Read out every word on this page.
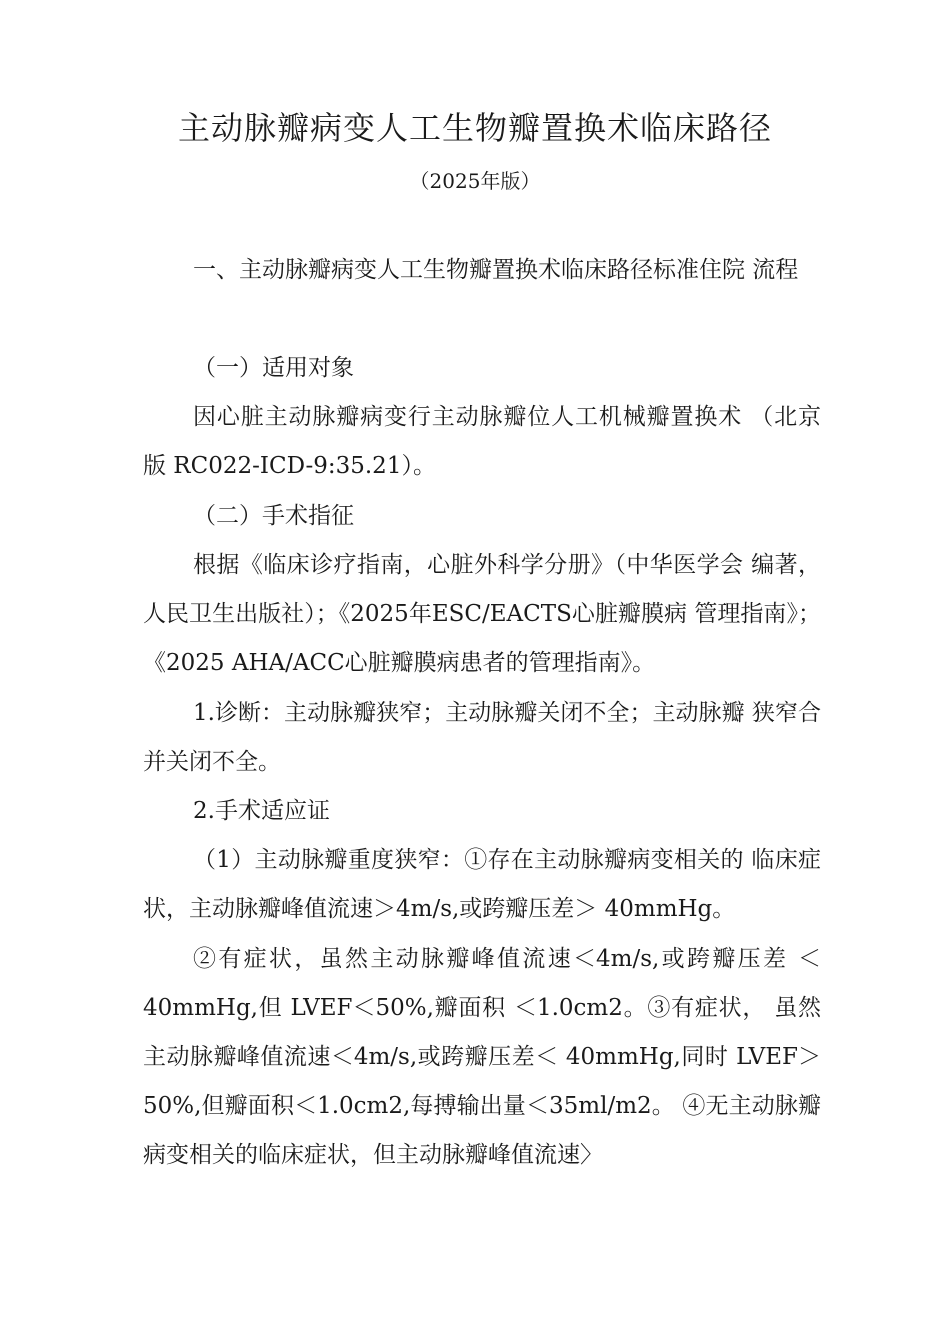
主动脉瓣病变人工生物瓣置换术临床路径
（2025年版）

一、主动脉瓣病变人工生物瓣置换术临床路径标准住院 流程

（一）适用对象

因心脏主动脉瓣病变行主动脉瓣位人工机械瓣置换术 （北京版 RC022-ICD-9:35.21）。

（二）手术指征

根据《临床诊疗指南，心脏外科学分册》（中华医学会 编著，人民卫生出版社）；《2025年ESC/EACTS心脏瓣膜病 管理指南》；《2025 AHA/ACC心脏瓣膜病患者的管理指南》。

1.诊断：主动脉瓣狭窄；主动脉瓣关闭不全；主动脉瓣 狭窄合并关闭不全。

2.手术适应证

（1）主动脉瓣重度狭窄：①存在主动脉瓣病变相关的 临床症状，主动脉瓣峰值流速＞4m/s,或跨瓣压差＞ 40mmHg。

②有症状，虽然主动脉瓣峰值流速＜4m/s,或跨瓣压差 ＜40mmHg,但 LVEF＜50%,瓣面积 ＜1.0cm2。③有症状， 虽然主动脉瓣峰值流速＜4m/s,或跨瓣压差＜ 40mmHg,同时 LVEF＞50%,但瓣面积＜1.0cm2,每搏输出量＜35ml/m2。 ④无主动脉瓣病变相关的临床症状，但主动脉瓣峰值流速〉
